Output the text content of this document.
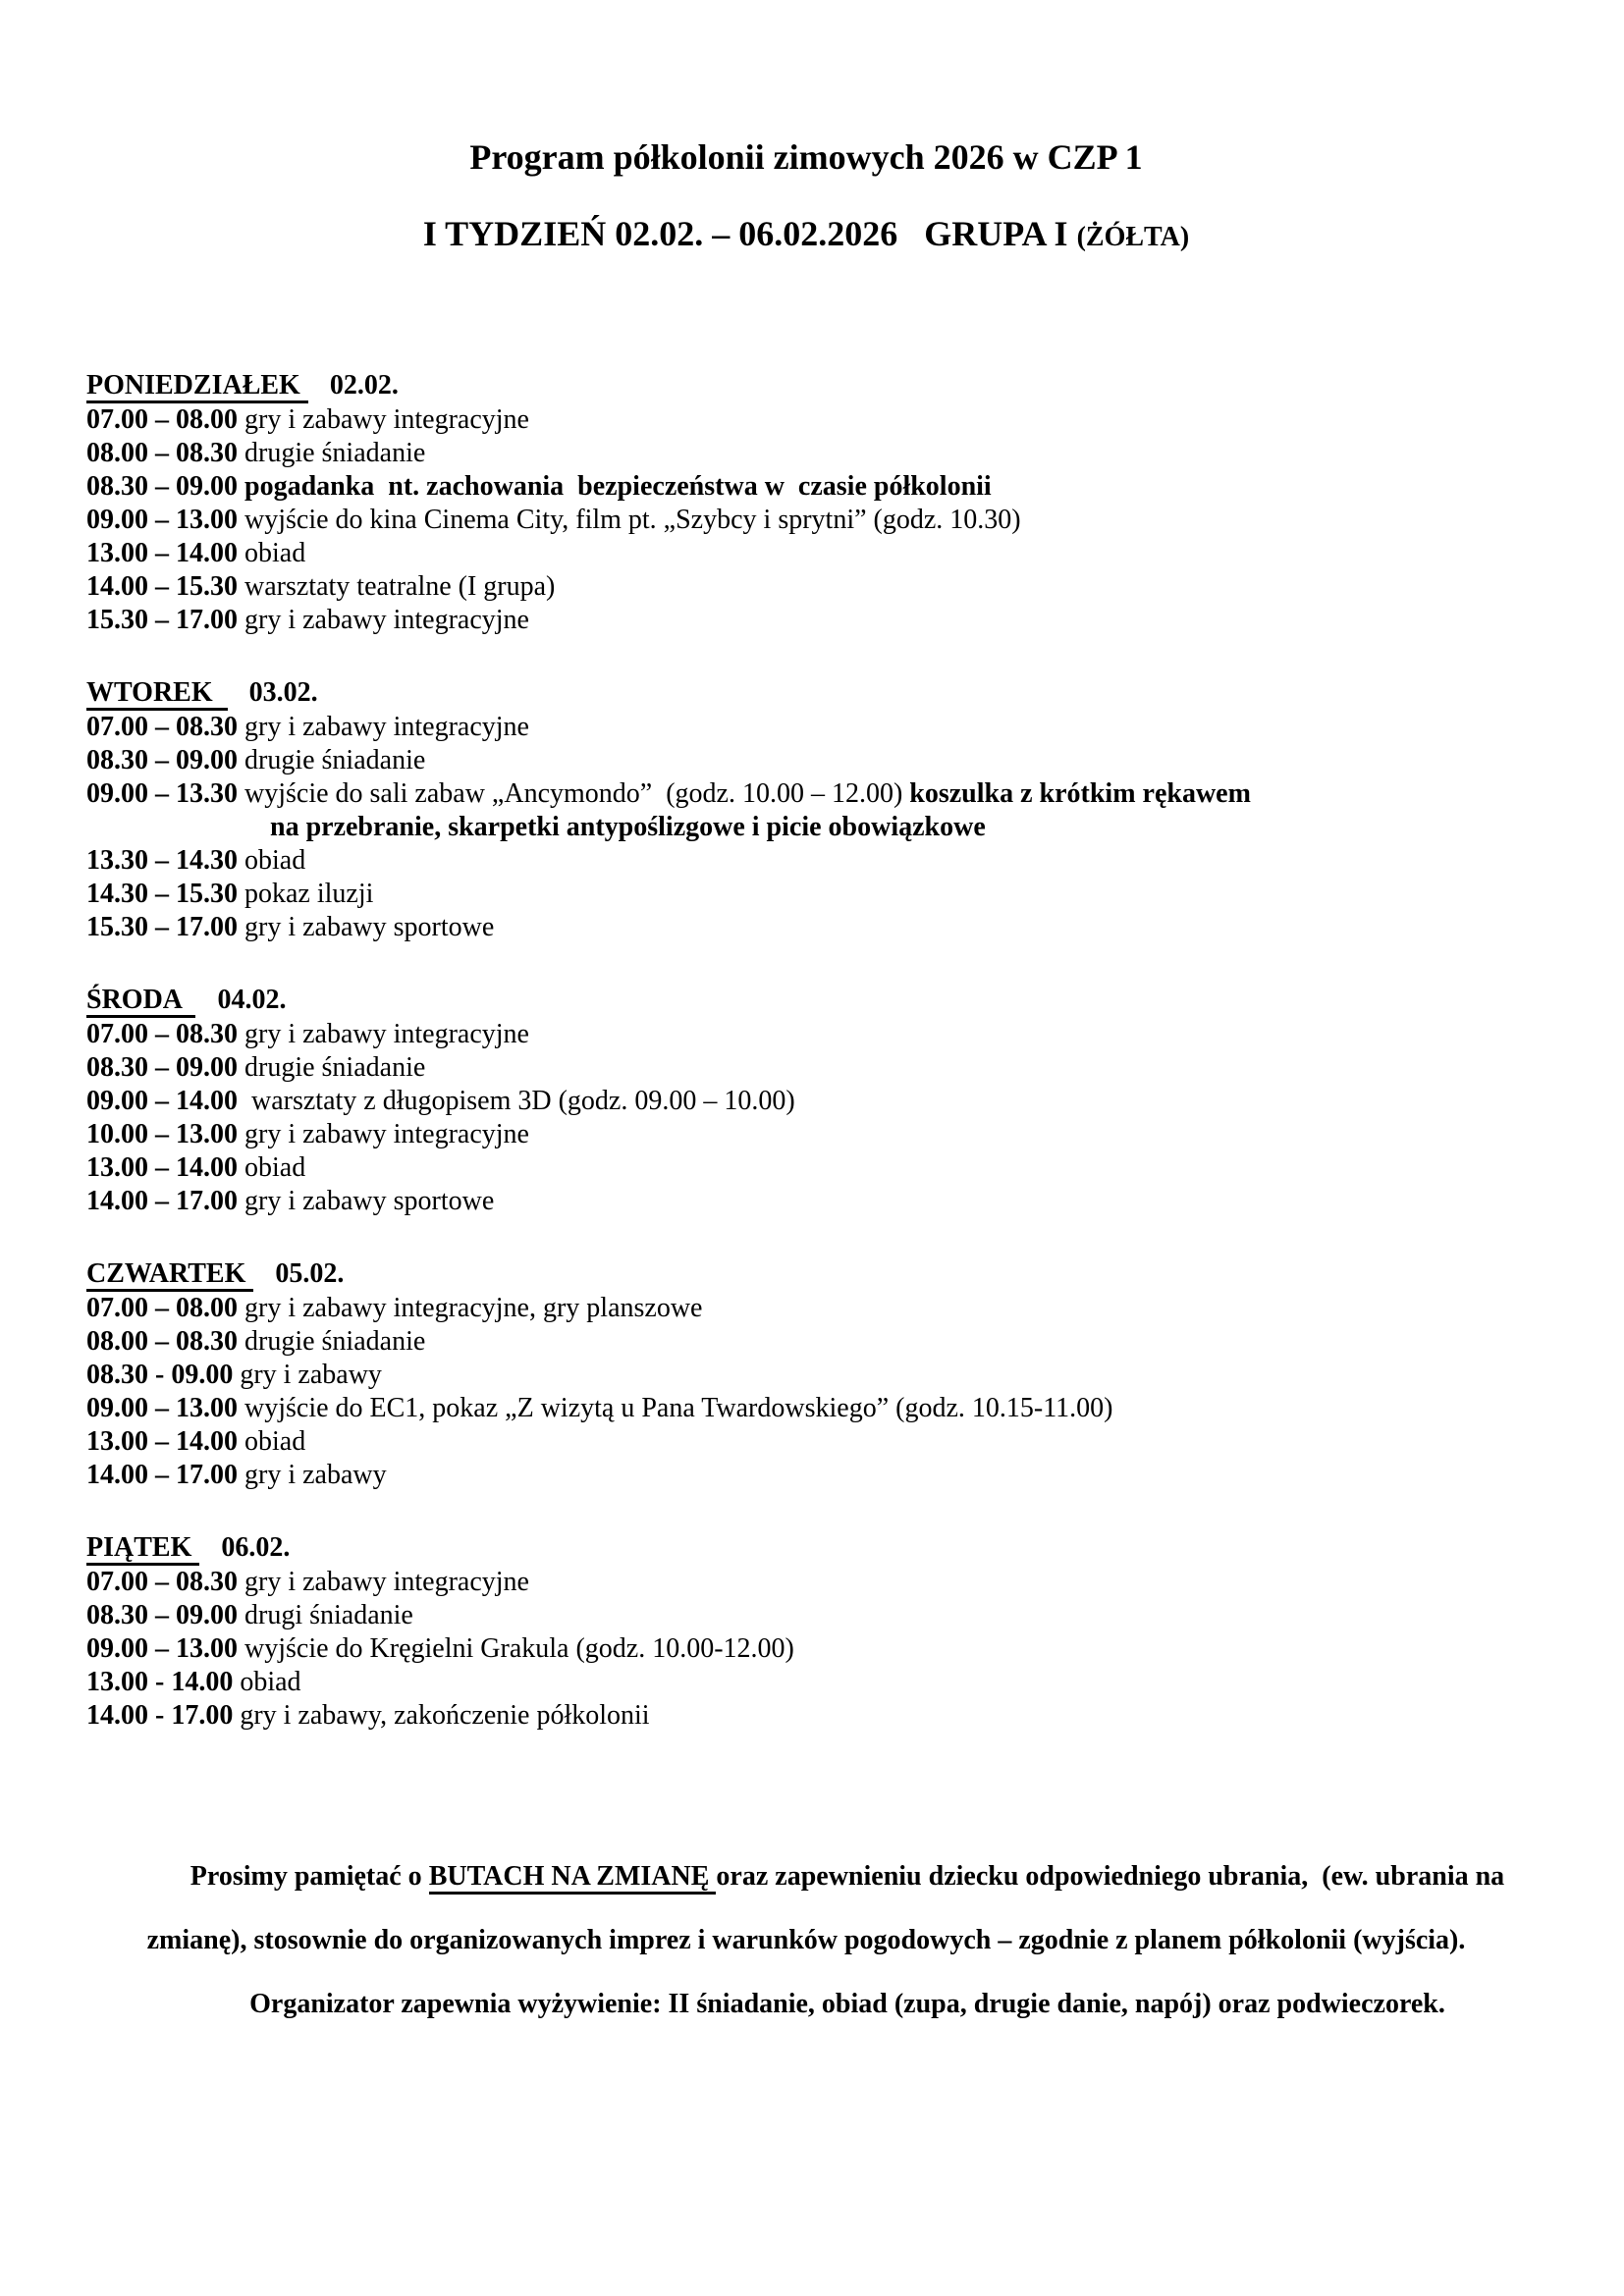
Program półkolonii zimowych 2026 w CZP 1
I TYDZIEŃ 02.02. – 06.02.2026   GRUPA I (ŻÓŁTA)
PONIEDZIAŁEK 02.02.
07.00 – 08.00 gry i zabawy integracyjne
08.00 – 08.30 drugie śniadanie
08.30 – 09.00 pogadanka  nt. zachowania  bezpieczeństwa w  czasie półkolonii
09.00 – 13.00 wyjście do kina Cinema City, film pt. „Szybcy i sprytni” (godz. 10.30)
13.00 – 14.00 obiad
14.00 – 15.30 warsztaty teatralne (I grupa)
15.30 – 17.00 gry i zabawy integracyjne
WTOREK 03.02.
07.00 – 08.30 gry i zabawy integracyjne
08.30 – 09.00 drugie śniadanie
09.00 – 13.30 wyjście do sali zabaw „Ancymondo”  (godz. 10.00 – 12.00) koszulka z krótkim rękawem
na przebranie, skarpetki antypoślizgowe i picie obowiązkowe
13.30 – 14.30 obiad
14.30 – 15.30 pokaz iluzji
15.30 – 17.00 gry i zabawy sportowe
ŚRODA 04.02.
07.00 – 08.30 gry i zabawy integracyjne
08.30 – 09.00 drugie śniadanie
09.00 – 14.00  warsztaty z długopisem 3D (godz. 09.00 – 10.00)
10.00 – 13.00 gry i zabawy integracyjne
13.00 – 14.00 obiad
14.00 – 17.00 gry i zabawy sportowe
CZWARTEK 05.02.
07.00 – 08.00 gry i zabawy integracyjne, gry planszowe
08.00 – 08.30 drugie śniadanie
08.30 - 09.00 gry i zabawy
09.00 – 13.00 wyjście do EC1, pokaz „Z wizytą u Pana Twardowskiego” (godz. 10.15-11.00)
13.00 – 14.00 obiad
14.00 – 17.00 gry i zabawy
PIĄTEK 06.02.
07.00 – 08.30 gry i zabawy integracyjne
08.30 – 09.00 drugi śniadanie
09.00 – 13.00 wyjście do Kręgielni Grakula (godz. 10.00-12.00)
13.00 - 14.00 obiad
14.00 - 17.00 gry i zabawy, zakończenie półkolonii
Prosimy pamiętać o BUTACH NA ZMIANĘ oraz zapewnieniu dziecku odpowiedniego ubrania,  (ew. ubrania na
zmianę), stosownie do organizowanych imprez i warunków pogodowych – zgodnie z planem półkolonii (wyjścia).
Organizator zapewnia wyżywienie: II śniadanie, obiad (zupa, drugie danie, napój) oraz podwieczorek.
